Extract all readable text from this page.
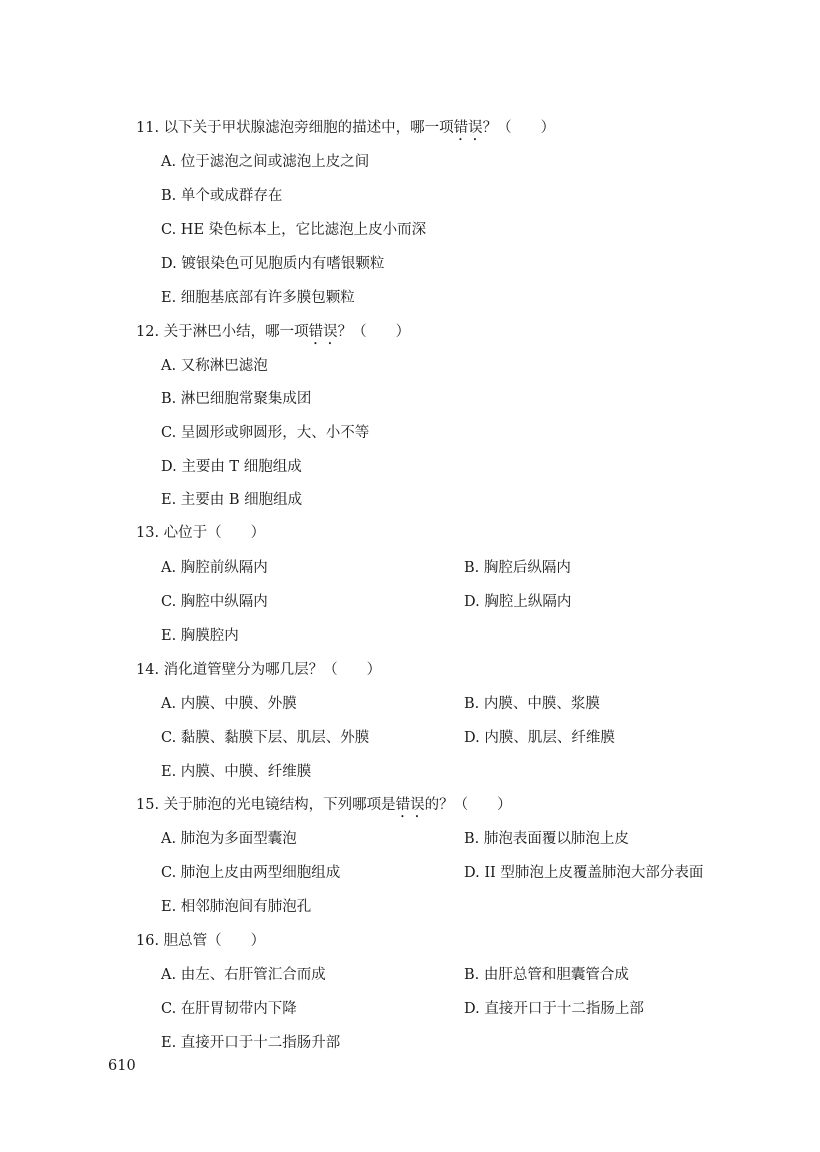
11. 以下关于甲状腺滤泡旁细胞的描述中，哪一项错误？（　　）
A. 位于滤泡之间或滤泡上皮之间
B. 单个或成群存在
C. HE 染色标本上，它比滤泡上皮小而深
D. 镀银染色可见胞质内有嗜银颗粒
E. 细胞基底部有许多膜包颗粒
12. 关于淋巴小结，哪一项错误？（　　）
A. 又称淋巴滤泡
B. 淋巴细胞常聚集成团
C. 呈圆形或卵圆形，大、小不等
D. 主要由 T 细胞组成
E. 主要由 B 细胞组成
13. 心位于（　　）
A. 胸腔前纵隔内	B. 胸腔后纵隔内
C. 胸腔中纵隔内	D. 胸腔上纵隔内
E. 胸膜腔内
14. 消化道管壁分为哪几层？（　　）
A. 内膜、中膜、外膜	B. 内膜、中膜、浆膜
C. 黏膜、黏膜下层、肌层、外膜	D. 内膜、肌层、纤维膜
E. 内膜、中膜、纤维膜
15. 关于肺泡的光电镜结构，下列哪项是错误的？（　　）
A. 肺泡为多面型囊泡	B. 肺泡表面覆以肺泡上皮
C. 肺泡上皮由两型细胞组成	D. II 型肺泡上皮覆盖肺泡大部分表面
E. 相邻肺泡间有肺泡孔
16. 胆总管（　　）
A. 由左、右肝管汇合而成	B. 由肝总管和胆囊管合成
C. 在肝胃韧带内下降	D. 直接开口于十二指肠上部
E. 直接开口于十二指肠升部
610
